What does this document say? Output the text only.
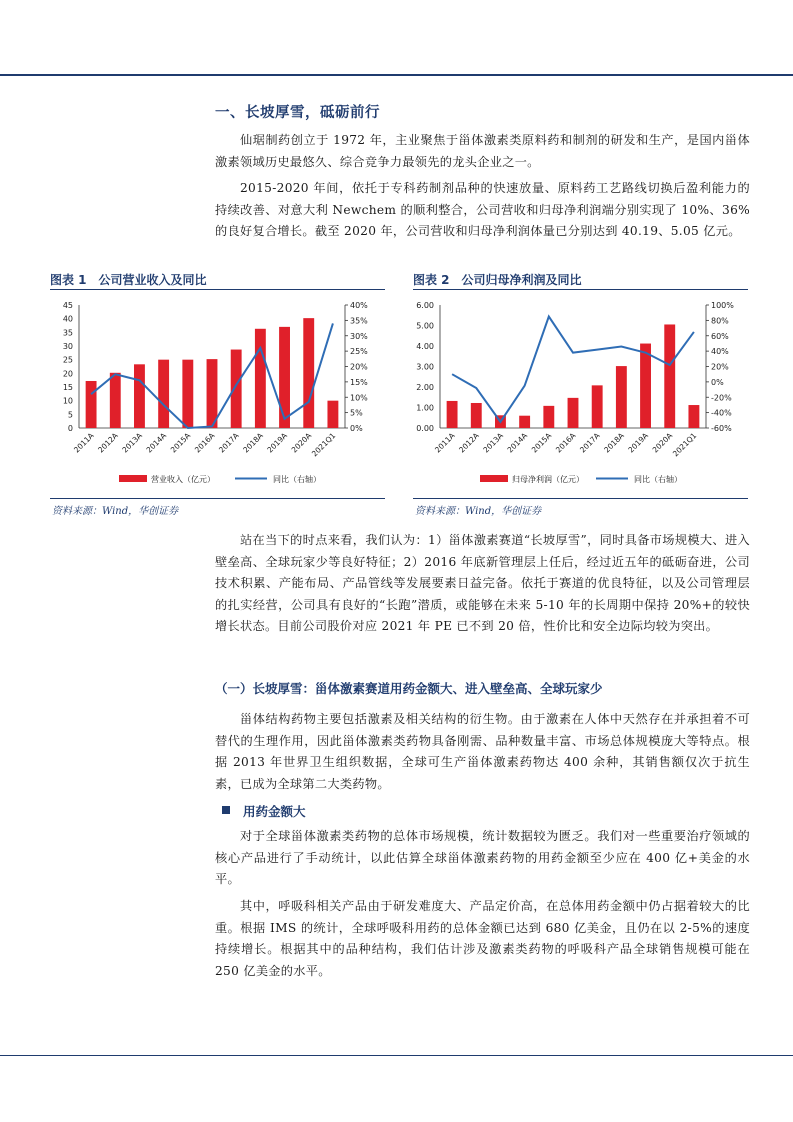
一、长坡厚雪，砥砺前行
仙琚制药创立于 1972 年，主业聚焦于甾体激素类原料药和制剂的研发和生产，是国内甾体激素领域历史最悠久、综合竞争力最领先的龙头企业之一。
2015-2020 年间，依托于专科药制剂品种的快速放量、原料药工艺路线切换后盈利能力的持续改善、对意大利 Newchem 的顺利整合，公司营收和归母净利润端分别实现了 10%、36%的良好复合增长。截至 2020 年，公司营收和归母净利润体量已分别达到 40.19、5.05 亿元。
图表 1　公司营业收入及同比
0
5
10
15
20
25
30
35
40
45
0%
5%
10%
15%
20%
25%
30%
35%
40%
2011A 2012A 2013A 2014A 2015A 2016A 2017A 2018A 2019A 2020A
2021Q1
营业收入（亿元）	同比（右轴）
资料来源：Wind，华创证券
图表 2　公司归母净利润及同比
0.00
1.00
2.00
3.00
4.00
5.00
6.00
-60%
-40%
-20%
0%
20%
40%
60%
80%
100%
2011A 2012A 2013A 2014A 2015A 2016A 2017A 2018A 2019A 2020A
2021Q1
归母净利润（亿元）	同比（右轴）
资料来源：Wind，华创证券
站在当下的时点来看，我们认为：1）甾体激素赛道“长坡厚雪”，同时具备市场规模大、进入壁垒高、全球玩家少等良好特征；2）2016 年底新管理层上任后，经过近五年的砥砺奋进，公司技术积累、产能布局、产品管线等发展要素日益完备。依托于赛道的优良特征，以及公司管理层的扎实经营，公司具有良好的“长跑”潜质，或能够在未来 5-10 年的长周期中保持 20%+的较快增长状态。目前公司股价对应 2021 年 PE 已不到 20 倍，性价比和安全边际均较为突出。
（一）长坡厚雪：甾体激素赛道用药金额大、进入壁垒高、全球玩家少
甾体结构药物主要包括激素及相关结构的衍生物。由于激素在人体中天然存在并承担着不可替代的生理作用，因此甾体激素类药物具备刚需、品种数量丰富、市场总体规模庞大等特点。根据 2013 年世界卫生组织数据，全球可生产甾体激素药物达 400 余种，其销售额仅次于抗生素，已成为全球第二大类药物。
用药金额大
对于全球甾体激素类药物的总体市场规模，统计数据较为匮乏。我们对一些重要治疗领域的核心产品进行了手动统计，以此估算全球甾体激素药物的用药金额至少应在 400 亿+美金的水平。
其中，呼吸科相关产品由于研发难度大、产品定价高，在总体用药金额中仍占据着较大的比重。根据 IMS 的统计，全球呼吸科用药的总体金额已达到 680 亿美金，且仍在以 2-5%的速度持续增长。根据其中的品种结构，我们估计涉及激素类药物的呼吸科产品全球销售规模可能在 250 亿美金的水平。
